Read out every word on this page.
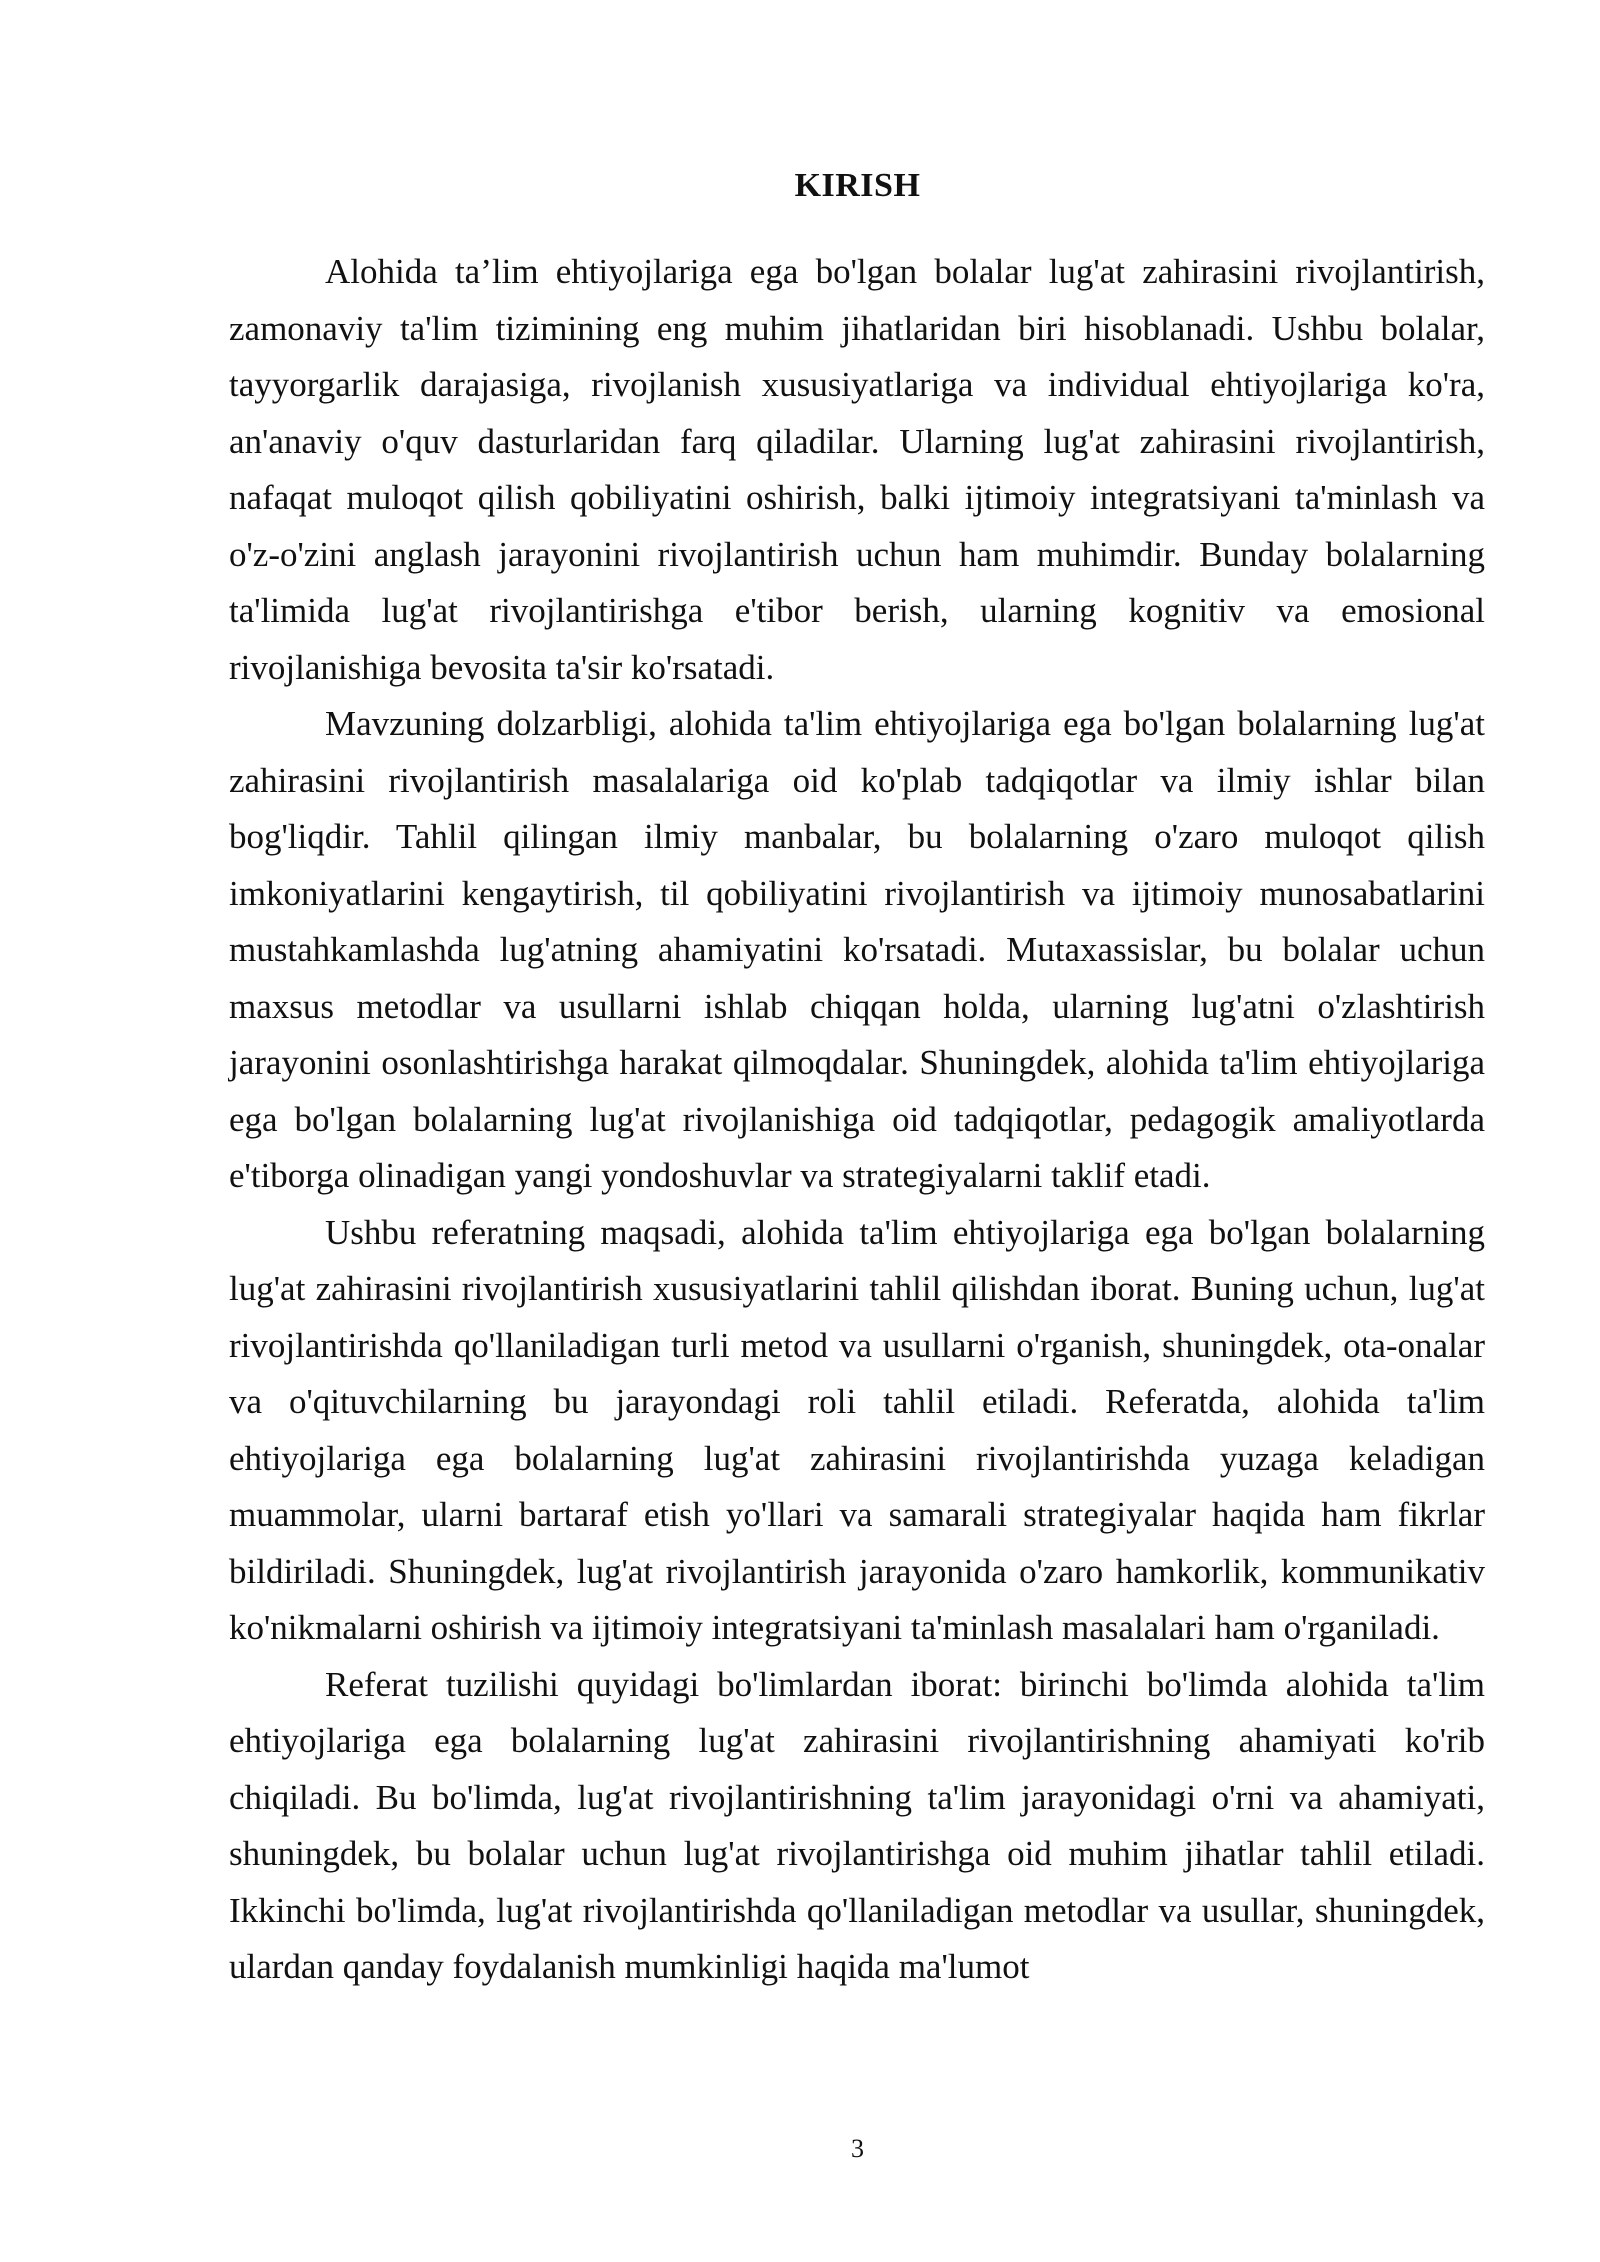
KIRISH

Alohida ta’lim ehtiyojlariga ega bo'lgan bolalar lug'at zahirasini rivojlantirish, zamonaviy ta'lim tizimining eng muhim jihatlaridan biri hisoblanadi. Ushbu bolalar, tayyorgarlik darajasiga, rivojlanish xususiyatlariga va individual ehtiyojlariga ko'ra, an'anaviy o'quv dasturlaridan farq qiladilar. Ularning lug'at zahirasini rivojlantirish, nafaqat muloqot qilish qobiliyatini oshirish, balki ijtimoiy integratsiyani ta'minlash va o'z-o'zini anglash jarayonini rivojlantirish uchun ham muhimdir. Bunday bolalarning ta'limida lug'at rivojlantirishga e'tibor berish, ularning kognitiv va emosional rivojlanishiga bevosita ta'sir ko'rsatadi.

Mavzuning dolzarbligi, alohida ta'lim ehtiyojlariga ega bo'lgan bolalarning lug'at zahirasini rivojlantirish masalalariga oid ko'plab tadqiqotlar va ilmiy ishlar bilan bog'liqdir. Tahlil qilingan ilmiy manbalar, bu bolalarning o'zaro muloqot qilish imkoniyatlarini kengaytirish, til qobiliyatini rivojlantirish va ijtimoiy munosabatlarini mustahkamlashda lug'atning ahamiyatini ko'rsatadi. Mutaxassislar, bu bolalar uchun maxsus metodlar va usullarni ishlab chiqqan holda, ularning lug'atni o'zlashtirish jarayonini osonlashtirishga harakat qilmoqdalar. Shuningdek, alohida ta'lim ehtiyojlariga ega bo'lgan bolalarning lug'at rivojlanishiga oid tadqiqotlar, pedagogik amaliyotlarda e'tiborga olinadigan yangi yondoshuvlar va strategiyalarni taklif etadi.

Ushbu referatning maqsadi, alohida ta'lim ehtiyojlariga ega bo'lgan bolalarning lug'at zahirasini rivojlantirish xususiyatlarini tahlil qilishdan iborat. Buning uchun, lug'at rivojlantirishda qo'llaniladigan turli metod va usullarni o'rganish, shuningdek, ota-onalar va o'qituvchilarning bu jarayondagi roli tahlil etiladi. Referatda, alohida ta'lim ehtiyojlariga ega bolalarning lug'at zahirasini rivojlantirishda yuzaga keladigan muammolar, ularni bartaraf etish yo'llari va samarali strategiyalar haqida ham fikrlar bildiriladi. Shuningdek, lug'at rivojlantirish jarayonida o'zaro hamkorlik, kommunikativ ko'nikmalarni oshirish va ijtimoiy integratsiyani ta'minlash masalalari ham o'rganiladi.

Referat tuzilishi quyidagi bo'limlardan iborat: birinchi bo'limda alohida ta'lim ehtiyojlariga ega bolalarning lug'at zahirasini rivojlantirishning ahamiyati ko'rib chiqiladi. Bu bo'limda, lug'at rivojlantirishning ta'lim jarayonidagi o'rni va ahamiyati, shuningdek, bu bolalar uchun lug'at rivojlantirishga oid muhim jihatlar tahlil etiladi. Ikkinchi bo'limda, lug'at rivojlantirishda qo'llaniladigan metodlar va usullar, shuningdek, ulardan qanday foydalanish mumkinligi haqida ma'lumot

3
